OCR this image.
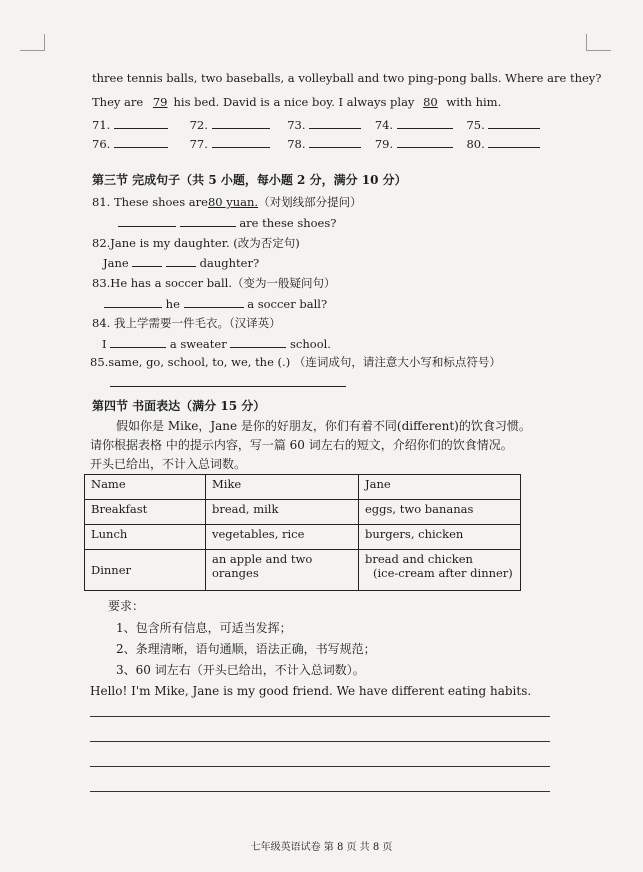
three tennis balls, two baseballs, a volleyball and two ping-pong balls. Where are they?
They are 79 his bed. David is a nice boy. I always play 80 with him.
71.	72.	73.	74.	75.
76.	77.	78.	79.	80.
第三节 完成句子（共 5 小题，每小题 2 分，满分 10 分）
81. These shoes are80 yuan.（对划线部分提问）
are these shoes?
82.Jane is my daughter. (改为否定句)
Jane	daughter?
83.He has a soccer ball.（变为一般疑问句）
he	a soccer ball?
84. 我上学需要一件毛衣。（汉译英）
I	a sweater	school.
85.same, go, school, to, we, the (.) （连词成句，请注意大小写和标点符号）
第四节 书面表达（满分 15 分）
假如你是 Mike，Jane 是你的好朋友，你们有着不同(different)的饮食习惯。
请你根据表格 中的提示内容，写一篇 60 词左右的短文，介绍你们的饮食情况。
开头已给出，不计入总词数。
Name	Mike	Jane
Breakfast	bread, milk	eggs, two bananas
Lunch	vegetables, rice	burgers, chicken
Dinner	an apple and two oranges	bread and chicken
(ice-cream after dinner)
要求：
1、包含所有信息，可适当发挥；
2、条理清晰，语句通顺，语法正确，书写规范；
3、60 词左右（开头已给出，不计入总词数）。
Hello! I'm Mike, Jane is my good friend. We have different eating habits.
七年级英语试卷 第 8 页 共 8 页
